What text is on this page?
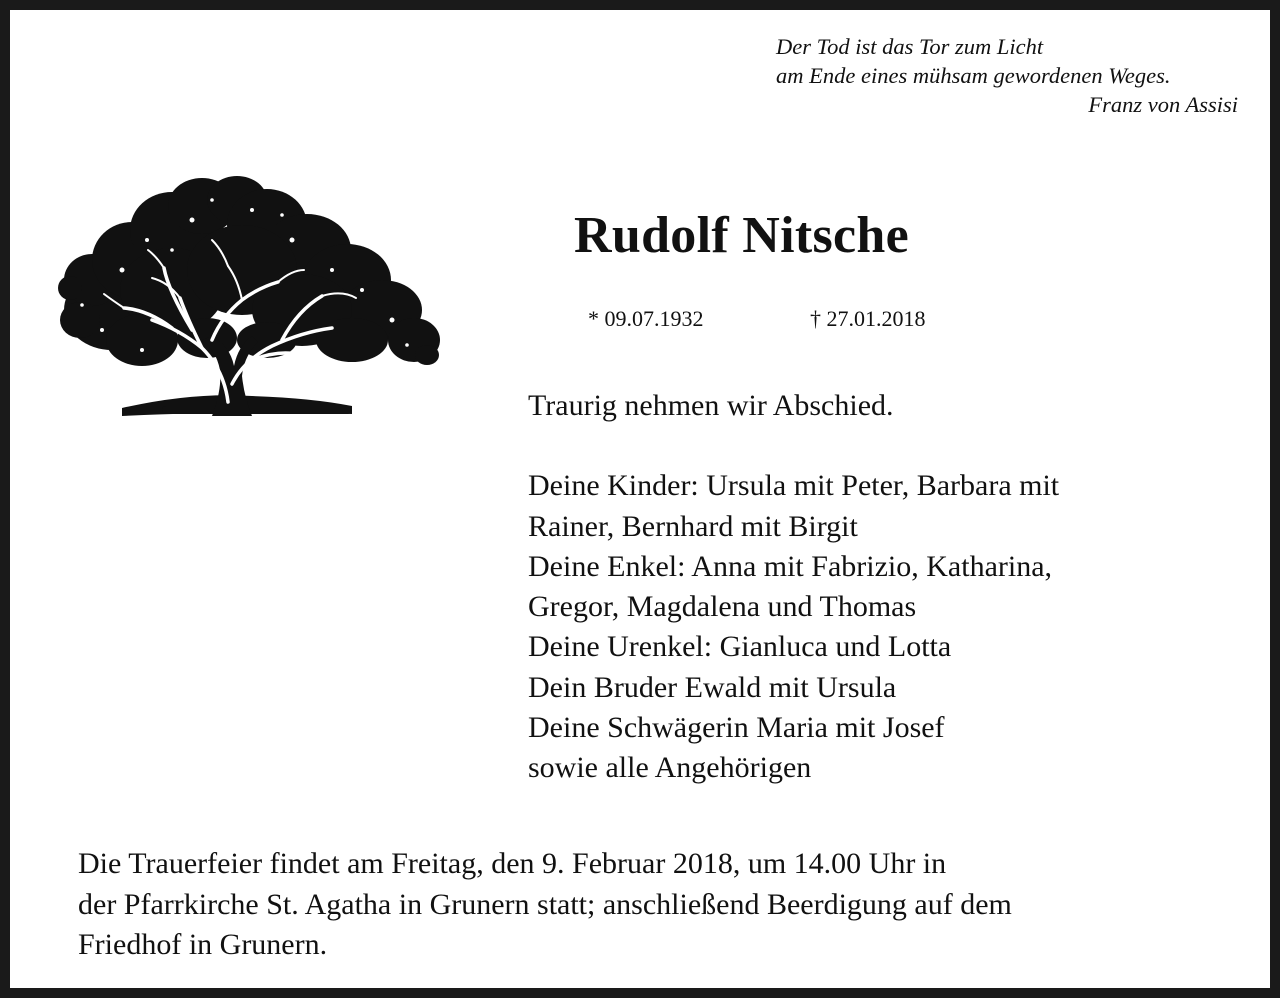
Der Tod ist das Tor zum Licht
am Ende eines mühsam gewordenen Weges.
Franz von Assisi
Rudolf Nitsche
* 09.07.1932	† 27.01.2018
Traurig nehmen wir Abschied.
Deine Kinder: Ursula mit Peter, Barbara mit
Rainer, Bernhard mit Birgit
Deine Enkel: Anna mit Fabrizio, Katharina,
Gregor, Magdalena und Thomas
Deine Urenkel: Gianluca und Lotta
Dein Bruder Ewald mit Ursula
Deine Schwägerin Maria mit Josef
sowie alle Angehörigen
Die Trauerfeier findet am Freitag, den 9. Februar 2018, um 14.00 Uhr in
der Pfarrkirche St. Agatha in Grunern statt; anschließend Beerdigung auf dem
Friedhof in Grunern.
